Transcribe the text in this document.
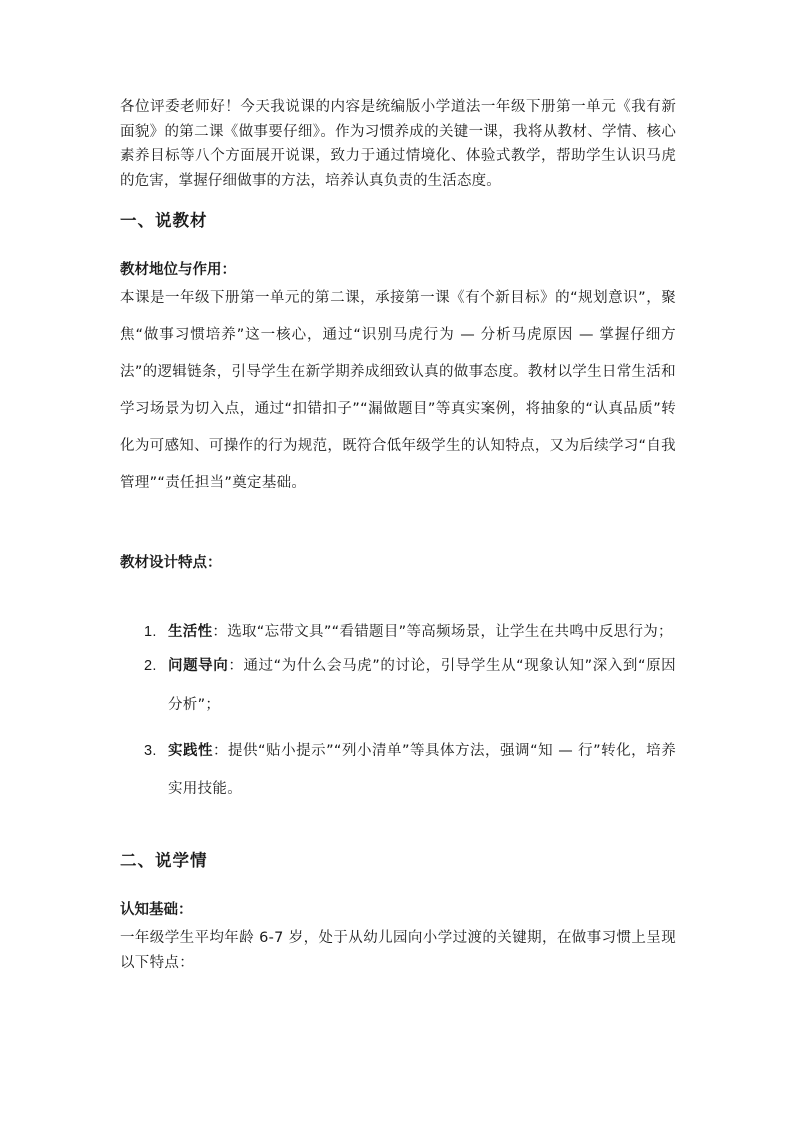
各位评委老师好！今天我说课的内容是统编版小学道法一年级下册第一单元《我有新面貌》的第二课《做事要仔细》。作为习惯养成的关键一课，我将从教材、学情、核心素养目标等八个方面展开说课，致力于通过情境化、体验式教学，帮助学生认识马虎的危害，掌握仔细做事的方法，培养认真负责的生活态度。

一、说教材
教材地位与作用：

本课是一年级下册第一单元的第二课，承接第一课《有个新目标》的“规划意识”，聚焦“做事习惯培养”这一核心，通过“识别马虎行为 — 分析马虎原因 — 掌握仔细方法”的逻辑链条，引导学生在新学期养成细致认真的做事态度。教材以学生日常生活和学习场景为切入点，通过“扣错扣子”“漏做题目”等真实案例，将抽象的“认真品质”转化为可感知、可操作的行为规范，既符合低年级学生的认知特点，又为后续学习“自我管理”“责任担当”奠定基础。

教材设计特点：
1. 生活性：选取“忘带文具”“看错题目”等高频场景，让学生在共鸣中反思行为；
2. 问题导向：通过“为什么会马虎”的讨论，引导学生从“现象认知”深入到“原因分析”；
3. 实践性：提供“贴小提示”“列小清单”等具体方法，强调“知 — 行”转化，培养实用技能。
二、说学情
认知基础：

一年级学生平均年龄 6-7 岁，处于从幼儿园向小学过渡的关键期，在做事习惯上呈现以下特点：
